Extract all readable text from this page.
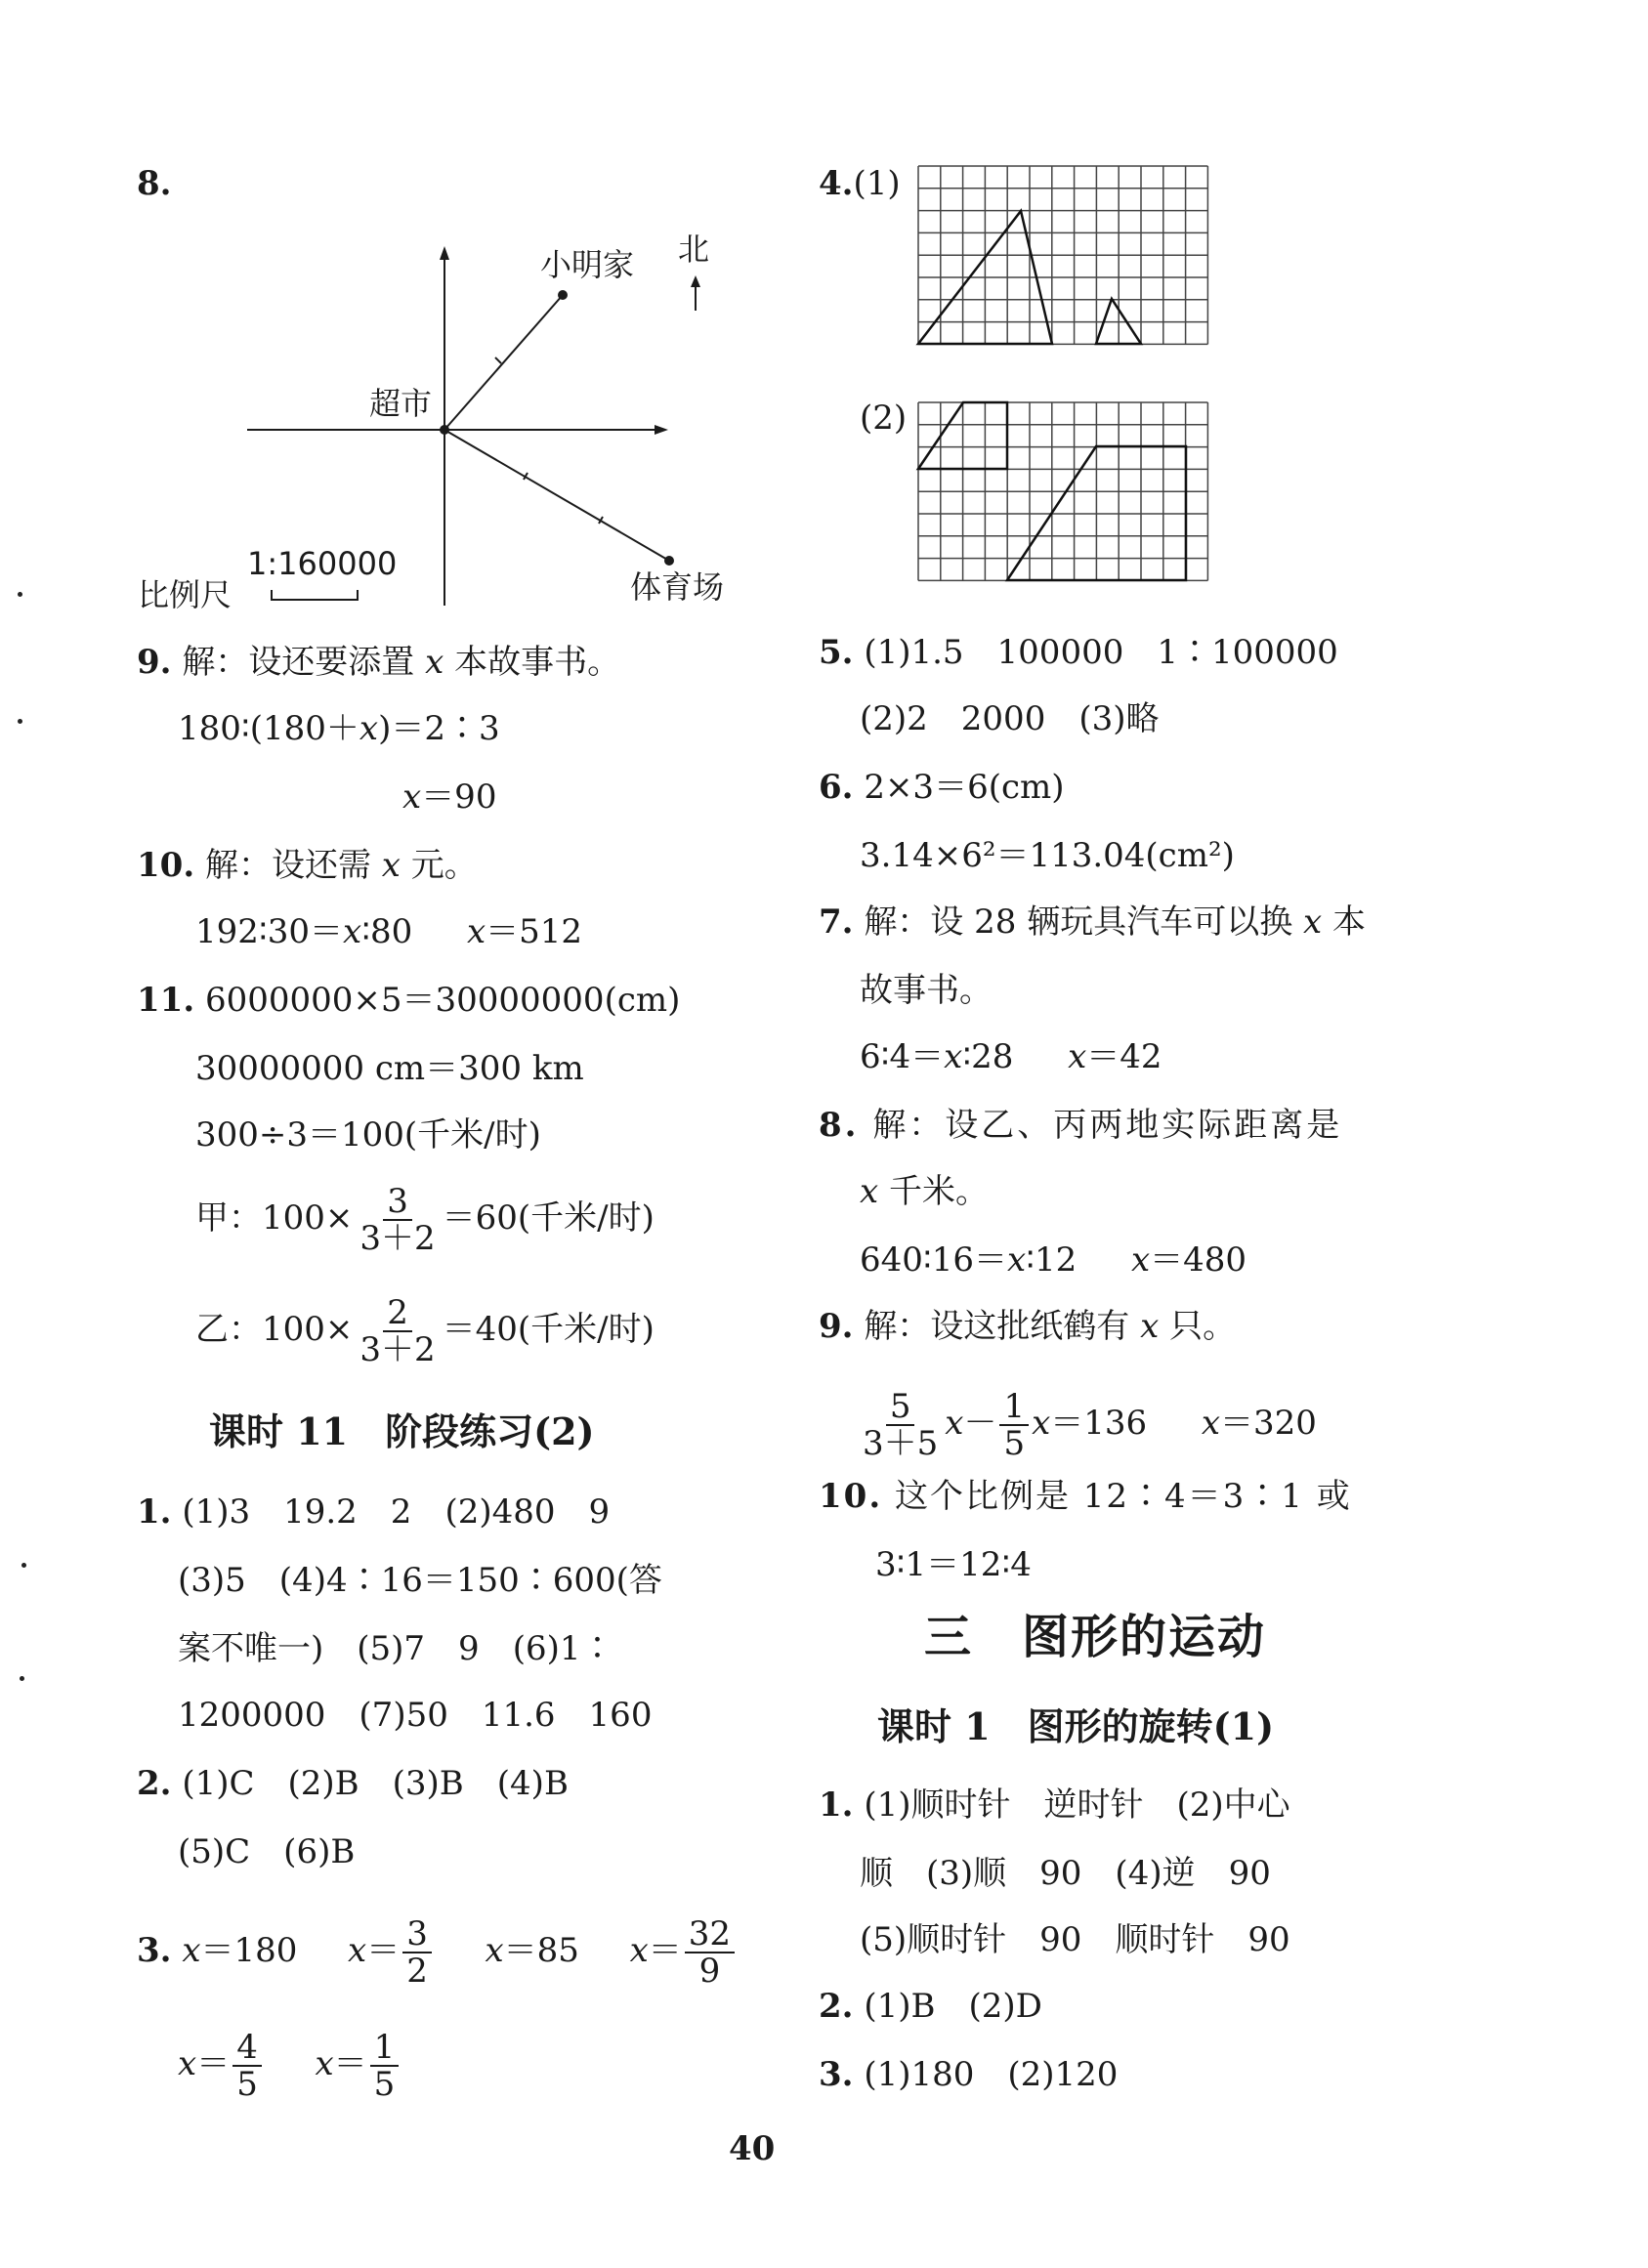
8.
小明家 北
超市
体育场
1:160000
比例尺
9. 解：设还要添置 x 本故事书。
180∶(180＋x)＝2∶3
x＝90
10. 解：设还需 x 元。
192∶30＝x∶80 x＝512
11. 6000000×5＝30000000(cm)
30000000 cm＝300 km
300÷3＝100(千米/时)
甲：$100\times \frac{3}{3+2} =60$(千米/时)
乙：$100\times \frac{2}{3+2} =40$(千米/时)
课时 11　阶段练习(2)
1. (1)3　19.2　2　(2)480　9
(3)5　(4)4∶16＝150∶600(答
案不唯一)　(5)7　9　(6)1∶
1200000　(7)50　11.6　160
2. (1)C　(2)B　(3)B　(4)B
(5)C　(6)B
3. x＝180 $x= \frac{3}{2} x=85$ $x= \frac{32}{9}$
$x= \frac{4}{5} x= \frac{1}{5}$
4.(1)
(2)
5. (1)1.5　100000　1∶100000
(2)2　2000　(3)略
6. 2×3＝6(cm)
3.14×6²＝113.04(cm²)
7. 解：设 28 辆玩具汽车可以换 x 本
故事书。
6∶4＝x∶28 x＝42
8. 解：设乙、丙两地实际距离是
x 千米。
640∶16＝x∶12 x＝480
9. 解：设这批纸鹤有 x 只。
$\frac{5}{3+5} x- \frac{1}{5} x=136$ x＝320
10. 这个比例是 12∶4＝3∶1 或
3∶1＝12∶4
三　图形的运动
课时 1　图形的旋转(1)
1. (1)顺时针　逆时针　(2)中心
顺　(3)顺　90　(4)逆　90
(5)顺时针　90　顺时针　90
2. (1)B　(2)D
3. (1)180　(2)120
40
